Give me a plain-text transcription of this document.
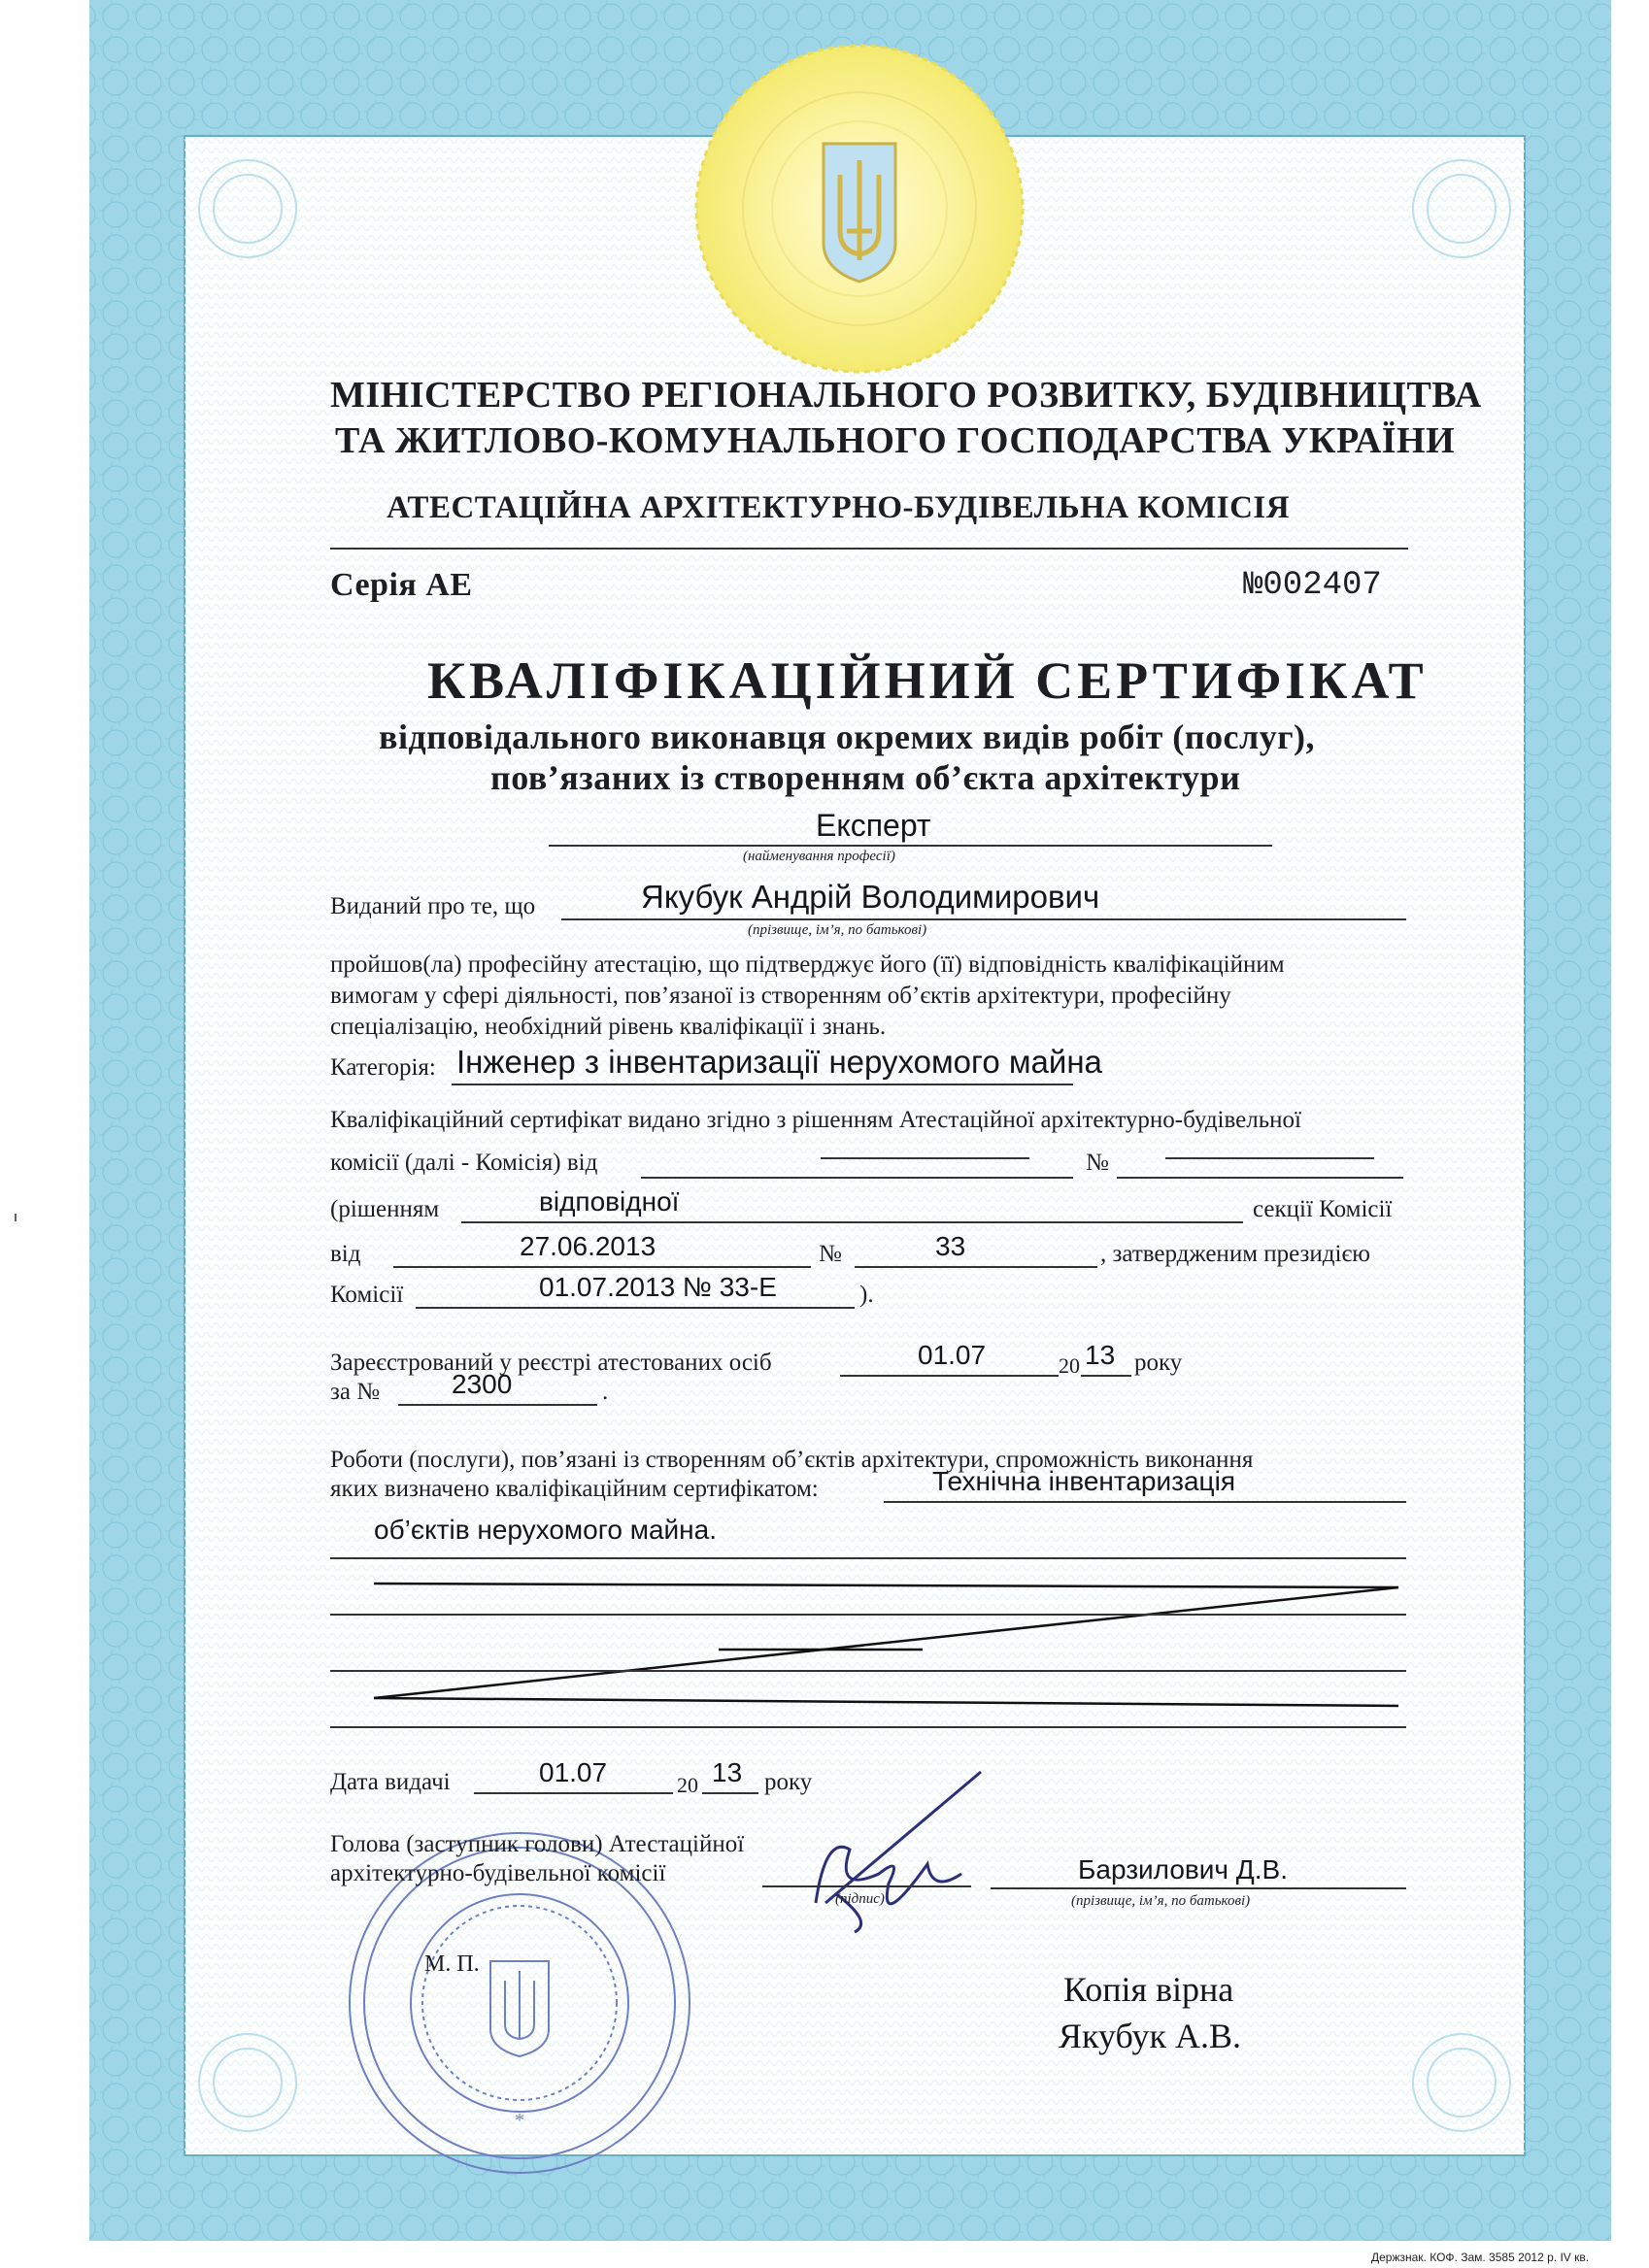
*
МІНІСТЕРСТВО РЕГІОНАЛЬНОГО РОЗВИТКУ, БУДІВНИЦТВА
ТА ЖИТЛОВО-КОМУНАЛЬНОГО ГОСПОДАРСТВА УКРАЇНИ
АТЕСТАЦІЙНА АРХІТЕКТУРНО-БУДІВЕЛЬНА КОМІСІЯ
Серія АЕ	№002407
КВАЛІФІКАЦІЙНИЙ СЕРТИФІКАТ
відповідального виконавця окремих видів робіт (послуг),
пов’язаних із створенням об’єкта архітектури
Експерт
(найменування професії)
Виданий про те, що	Якубук Андрій Володимирович
(прізвище, ім’я, по батькові)
пройшов(ла) професійну атестацію, що підтверджує його (її) відповідність кваліфікаційним
вимогам у сфері діяльності, пов’язаної із створенням об’єктів архітектури, професійну
спеціалізацію, необхідний рівень кваліфікації і знань.
Категорія: Інженер з інвентаризації нерухомого майна
Кваліфікаційний сертифікат видано згідно з рішенням Атестаційної архітектурно-будівельної
комісії (далі - Комісія) від	№
(рішенням	відповідної	секції Комісії
від	27.06.2013	№	33	, затвердженим президією
Комісії	01.07.2013 № 33-Е	).
Зареєстрований у реєстрі атестованих осіб	01.07	20 13 року
за №	2300	.
Роботи (послуги), пов’язані із створенням об’єктів архітектури, спроможність виконання
яких визначено кваліфікаційним сертифікатом:	Технічна інвентаризація
об’єктів нерухомого майна.
Дата видачі	01.07	20 13 року
Голова (заступник голови) Атестаційної
архітектурно-будівельної комісії
(підпис)
Барзилович Д.В.
(прізвище, ім’я, по батькові)
М. П.
Копія вірна
Якубук А.В.
Держзнак. КОФ. Зам. 3585 2012 р. IV кв.
